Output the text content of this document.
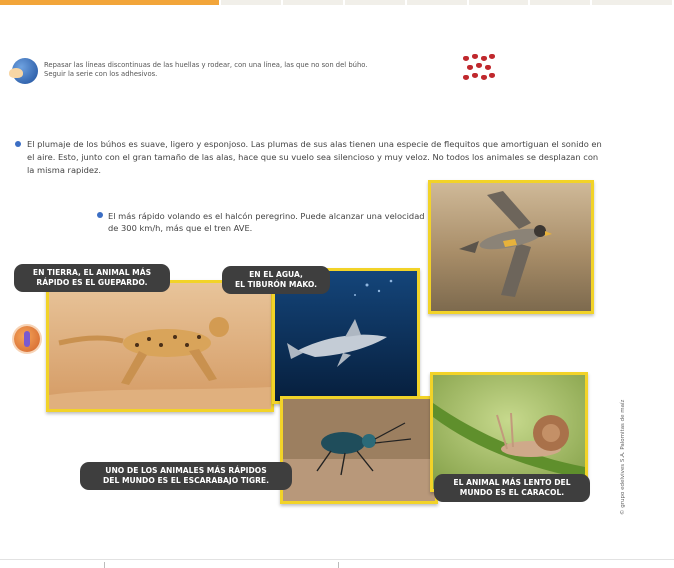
Repasar las líneas discontinuas de las huellas y rodear, con una línea, las que no son del búho.

Seguir la serie con los adhesivos.

El plumaje de los búhos es suave, ligero y esponjoso. Las plumas de sus alas tienen una especie de flequitos que amortiguan el sonido en el aire. Esto, junto con el gran tamaño de las alas, hace que su vuelo sea silencioso y muy veloz. No todos los animales se desplazan con la misma rapidez.

El más rápido volando es el halcón peregrino. Puede alcanzar una velocidad de 300 km/h, más que el tren AVE.

EN TIERRA, EL ANIMAL MÁS
RÁPIDO ES EL GUEPARDO.
EN EL AGUA,
EL TIBURÓN MAKO.
UNO DE LOS ANIMALES MÁS RÁPIDOS
DEL MUNDO ES EL ESCARABAJO TIGRE.	EL ANIMAL MÁS LENTO DEL
MUNDO ES EL CARACOL.	© grupo edelvives S.A. Palomitas de maíz
